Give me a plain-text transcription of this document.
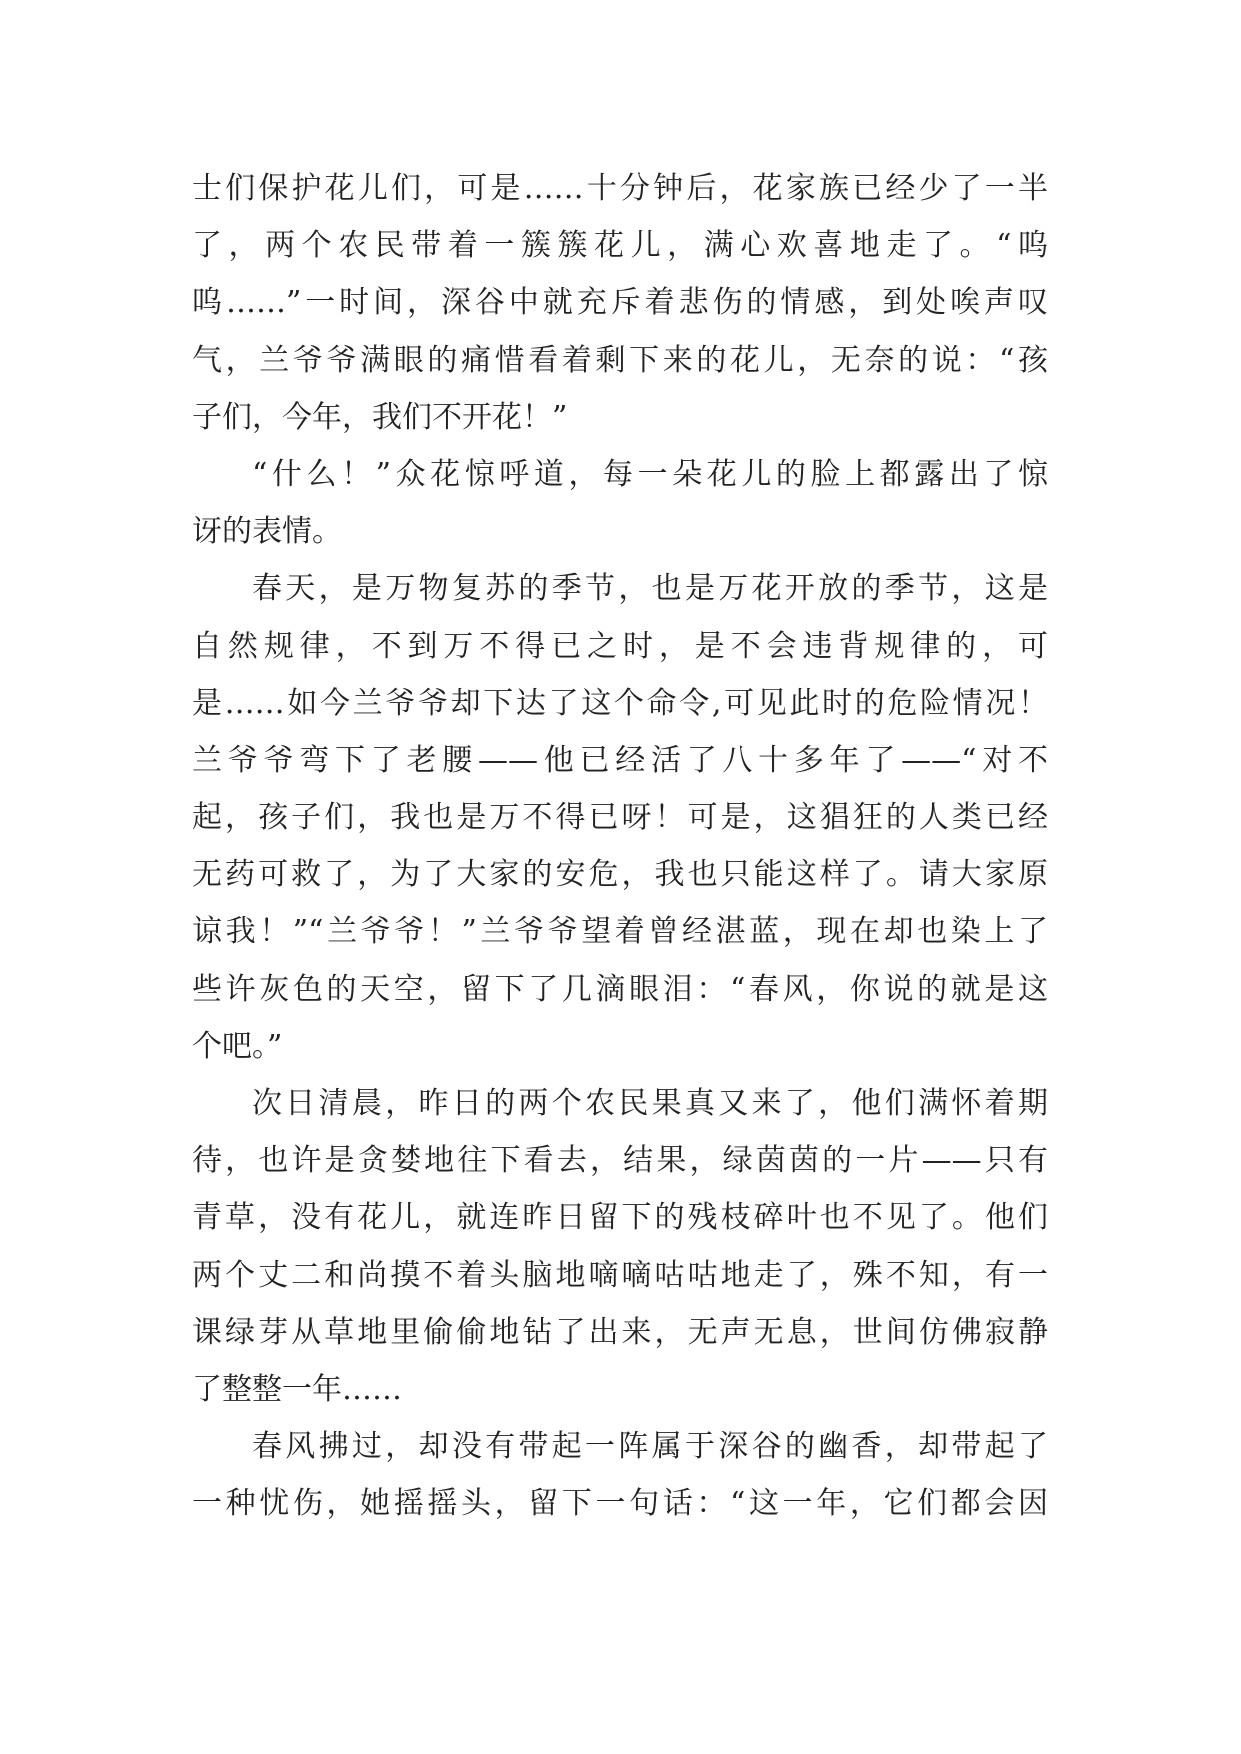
士们保护花儿们，可是……十分钟后，花家族已经少了一半
了，两个农民带着一簇簇花儿，满心欢喜地走了。“呜
呜……”一时间，深谷中就充斥着悲伤的情感，到处唉声叹
气，兰爷爷满眼的痛惜看着剩下来的花儿，无奈的说：“孩
子们，今年，我们不开花！”
“什么！”众花惊呼道，每一朵花儿的脸上都露出了惊
讶的表情。
春天，是万物复苏的季节，也是万花开放的季节，这是
自然规律，不到万不得已之时，是不会违背规律的，可
是……如今兰爷爷却下达了这个命令,可见此时的危险情况！
兰爷爷弯下了老腰——他已经活了八十多年了——“对不
起，孩子们，我也是万不得已呀！可是，这猖狂的人类已经
无药可救了，为了大家的安危，我也只能这样了。请大家原
谅我！”“兰爷爷！”兰爷爷望着曾经湛蓝，现在却也染上了
些许灰色的天空，留下了几滴眼泪：“春风，你说的就是这
个吧。”
次日清晨，昨日的两个农民果真又来了，他们满怀着期
待，也许是贪婪地往下看去，结果，绿茵茵的一片——只有
青草，没有花儿，就连昨日留下的残枝碎叶也不见了。他们
两个丈二和尚摸不着头脑地嘀嘀咕咕地走了，殊不知，有一
课绿芽从草地里偷偷地钻了出来，无声无息，世间仿佛寂静
了整整一年……
春风拂过，却没有带起一阵属于深谷的幽香，却带起了
一种忧伤，她摇摇头，留下一句话：“这一年，它们都会因
